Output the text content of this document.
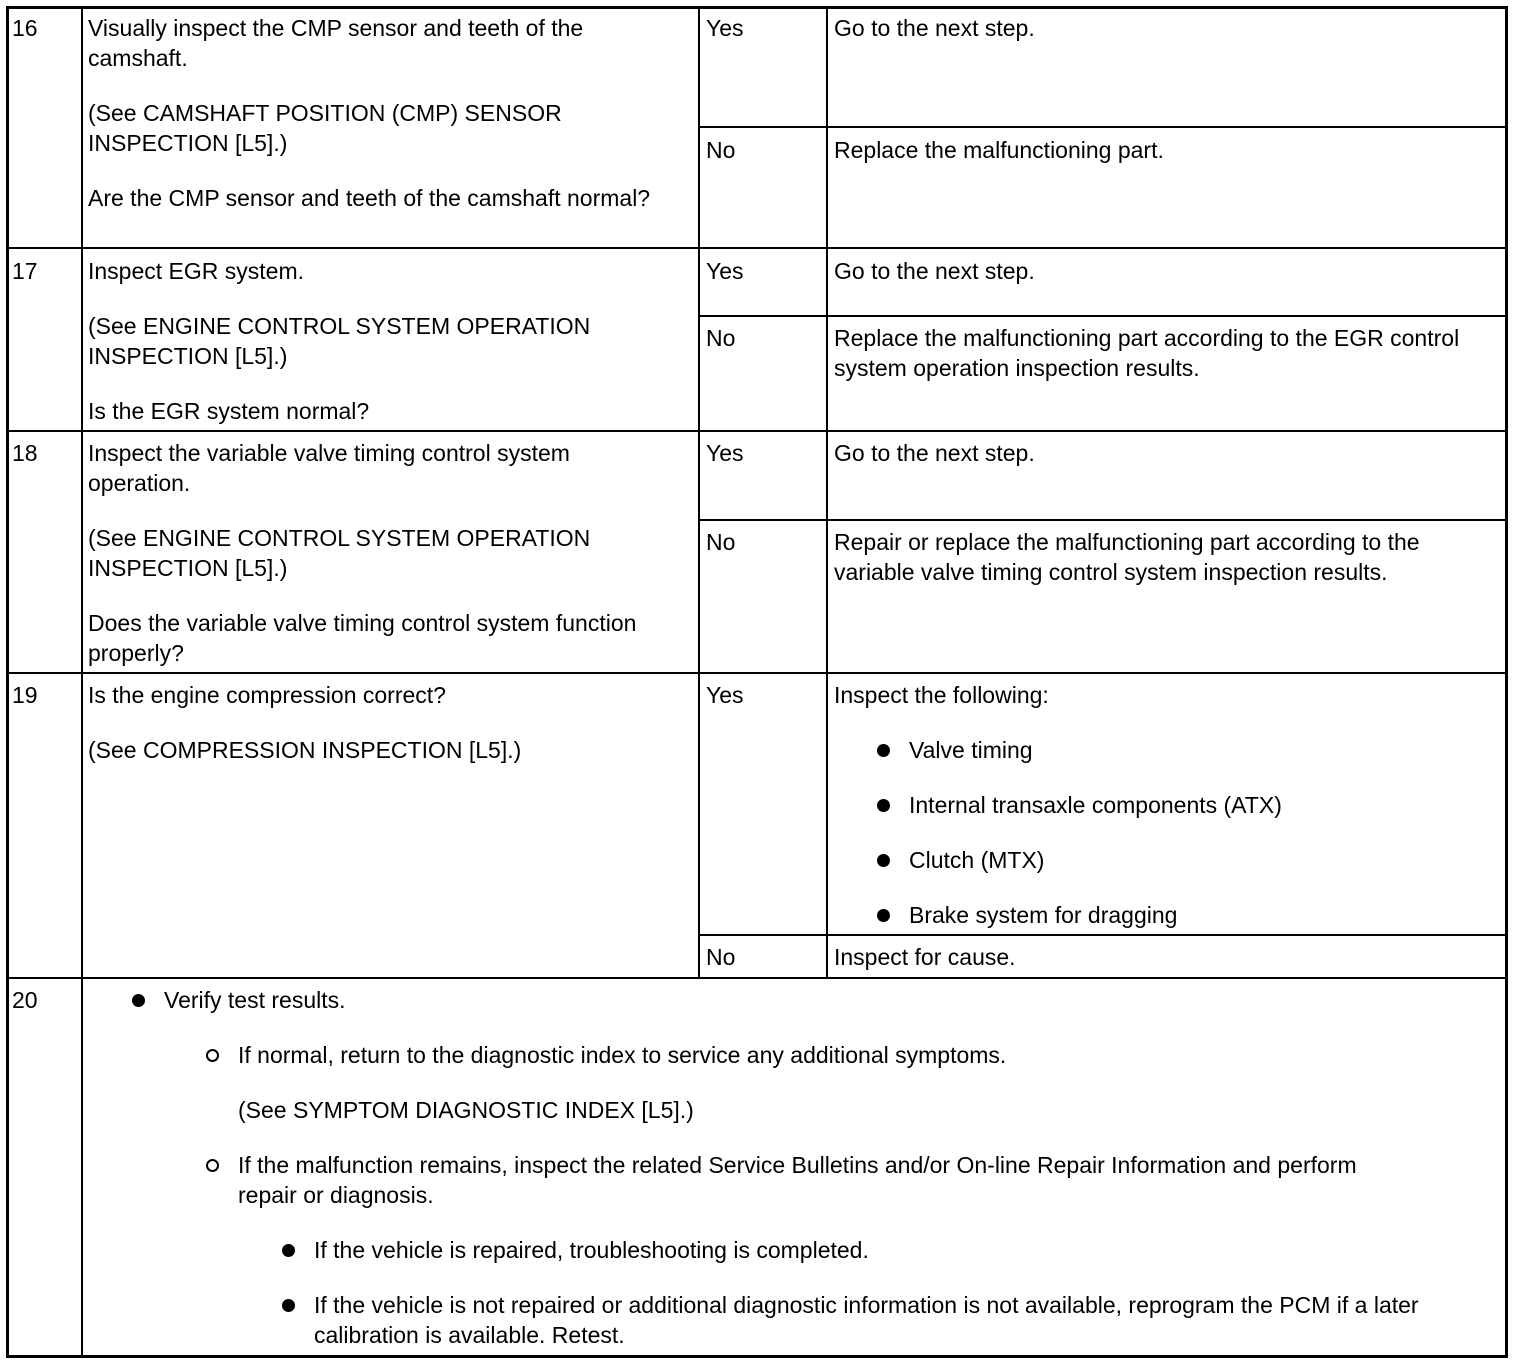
16 Visually inspect the CMP sensor and teeth of the camshaft.

(See CAMSHAFT POSITION (CMP) SENSOR INSPECTION [L5].)

Are the CMP sensor and teeth of the camshaft normal?

Yes	Go to the next step.

No	Replace the malfunctioning part.

17 Inspect EGR system.

(See ENGINE CONTROL SYSTEM OPERATION INSPECTION [L5].)

Is the EGR system normal?

Yes	Go to the next step.

No	Replace the malfunctioning part according to the EGR control system operation inspection results.

18 Inspect the variable valve timing control system operation.

(See ENGINE CONTROL SYSTEM OPERATION INSPECTION [L5].)

Does the variable valve timing control system function properly?

Yes	Go to the next step.

No	Repair or replace the malfunctioning part according to the variable valve timing control system inspection results.

19 Is the engine compression correct?

(See COMPRESSION INSPECTION [L5].)

Yes	Inspect the following:

Valve timing

Internal transaxle components (ATX)

Clutch (MTX)

Brake system for dragging

No	Inspect for cause.

20	Verify test results.

If normal, return to the diagnostic index to service any additional symptoms.

(See SYMPTOM DIAGNOSTIC INDEX [L5].)

If the malfunction remains, inspect the related Service Bulletins and/or On-line Repair Information and perform repair or diagnosis.

If the vehicle is repaired, troubleshooting is completed.

If the vehicle is not repaired or additional diagnostic information is not available, reprogram the PCM if a later calibration is available. Retest.
